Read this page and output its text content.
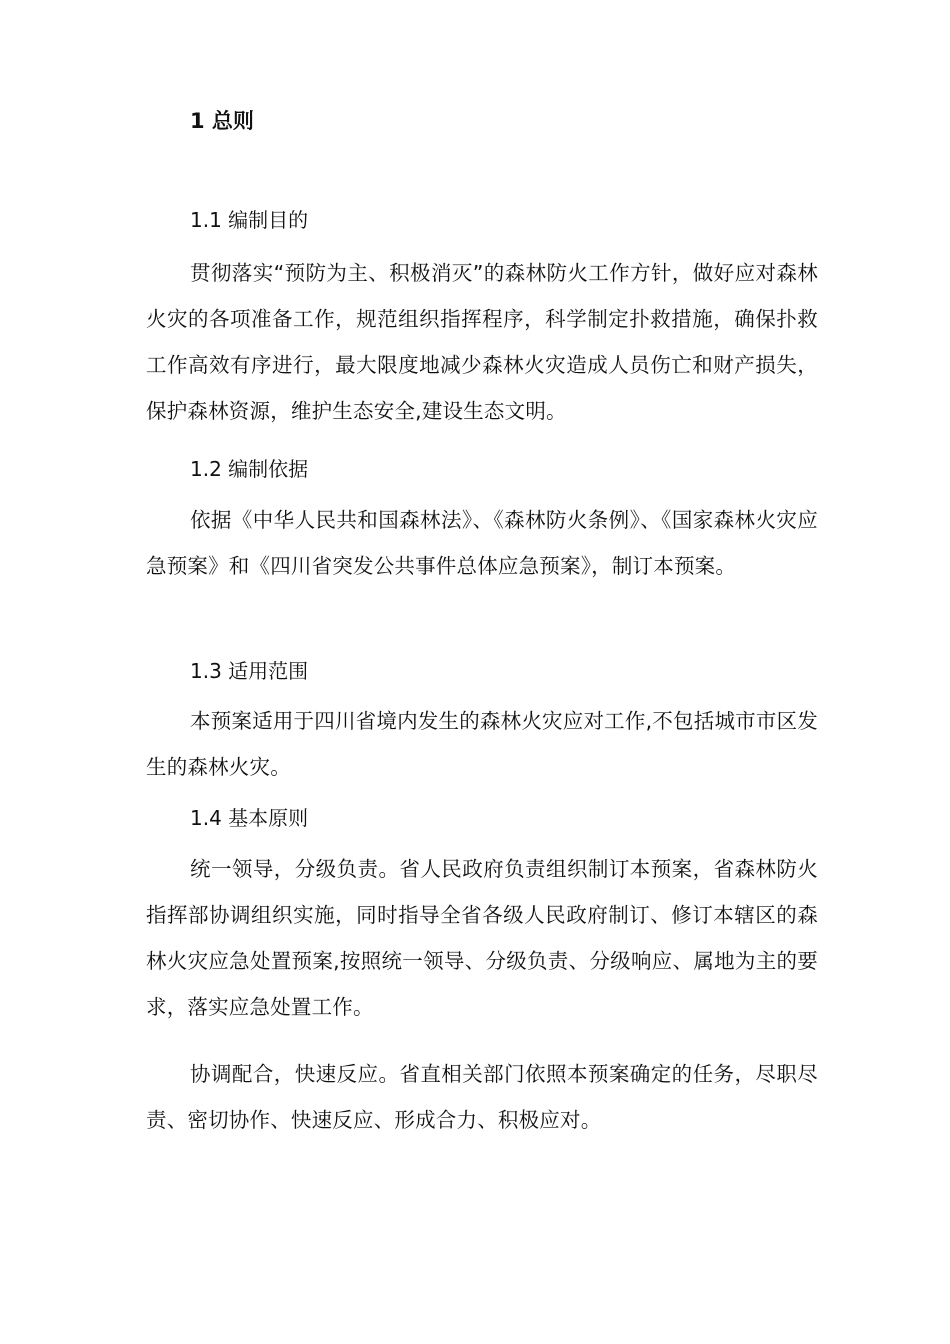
1 总则
1.1 编制目的
贯彻落实“预防为主、积极消灭”的森林防火工作方针，做好应对森林火灾的各项准备工作，规范组织指挥程序，科学制定扑救措施，确保扑救工作高效有序进行，最大限度地减少森林火灾造成人员伤亡和财产损失，保护森林资源，维护生态安全,建设生态文明。
1.2 编制依据
依据《中华人民共和国森林法》、《森林防火条例》、《国家森林火灾应急预案》和《四川省突发公共事件总体应急预案》，制订本预案。
1.3 适用范围
本预案适用于四川省境内发生的森林火灾应对工作,不包括城市市区发生的森林火灾。
1.4 基本原则
统一领导，分级负责。省人民政府负责组织制订本预案，省森林防火指挥部协调组织实施，同时指导全省各级人民政府制订、修订本辖区的森林火灾应急处置预案,按照统一领导、分级负责、分级响应、属地为主的要求，落实应急处置工作。
协调配合，快速反应。省直相关部门依照本预案确定的任务，尽职尽责、密切协作、快速反应、形成合力、积极应对。
